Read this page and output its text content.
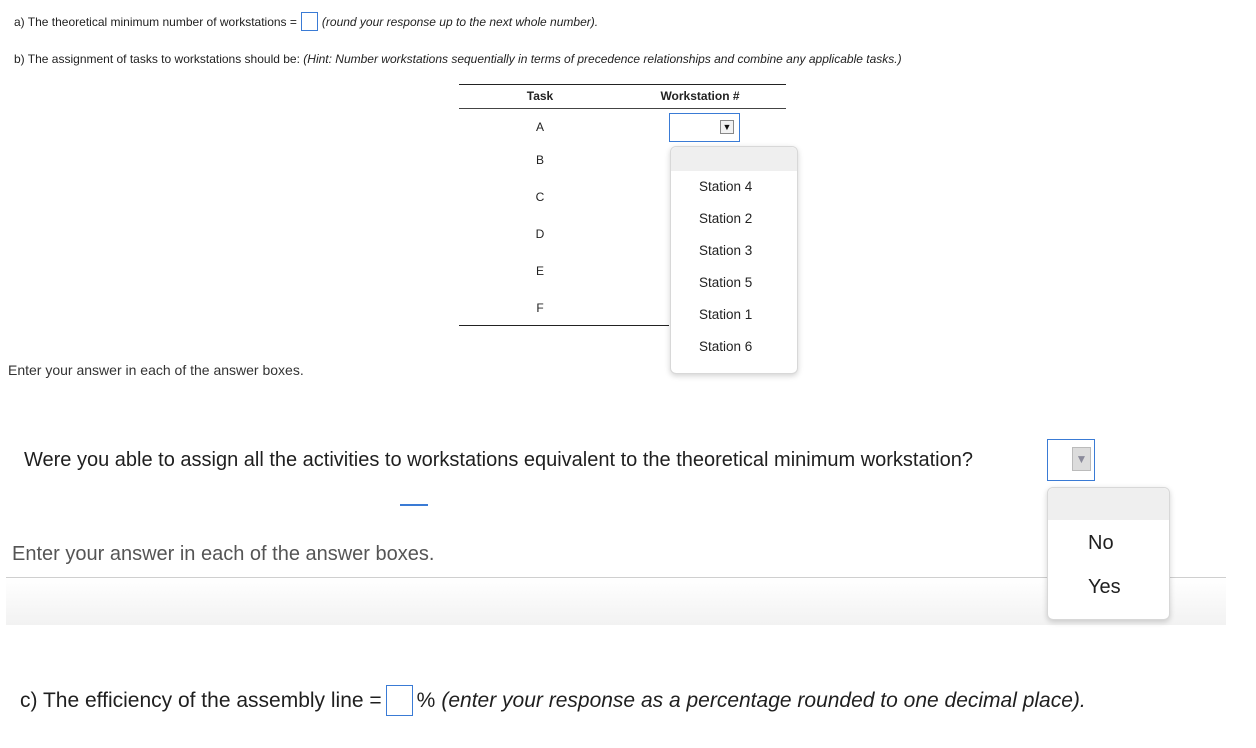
a) The theoretical minimum number of workstations = (round your response up to the next whole number).
b) The assignment of tasks to workstations should be: (Hint: Number workstations sequentially in terms of precedence relationships and combine any applicable tasks.)
Task	Workstation #
A
B
C
D
E
F
▼
Station 4
Station 2
Station 3
Station 5
Station 1
Station 6
Enter your answer in each of the answer boxes.
Were you able to assign all the activities to workstations equivalent to the theoretical minimum workstation?	▼
Enter your answer in each of the answer boxes.	No
Yes
c) The efficiency of the assembly line = % (enter your response as a percentage rounded to one decimal place).
